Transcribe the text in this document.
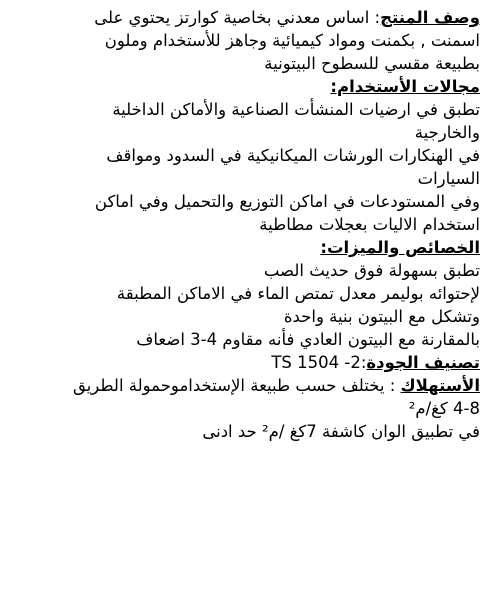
وصف المنتج: اساس معدني بخاصية كوارتز يحتوي على
اسمنت , بكمنت ومواد كيميائية وجاهز للأستخدام وملون
بطبيعة مقسي للسطوح البيتونية
مجالات الأستخدام:
تطبق في ارضيات المنشأت الصناعية والأماكن الداخلية
والخارجية
في الهنكارات الورشات الميكانيكية في السدود ومواقف
السيارات
وفي المستودعات في اماكن التوزيع والتحميل وفي اماكن
استخدام الاليات بعجلات مطاطية
الخصائص والميزات:
تطبق بسهولة فوق حديث الصب
لإحتوائه بوليمر معدل تمتص الماء في الاماكن المطبقة
وتشكل مع البيتون بنية واحدة
بالمقارنة مع البيتون العادي فأنه مقاوم 4-3 اضعاف
تصنيف الجودة:2- TS 1504
الأستهلاك : يختلف حسب طبيعة الإستخداموحمولة الطريق
4-8 كغ/م²
في تطبيق الوان كاشفة 7كغ /م² حد ادنى
